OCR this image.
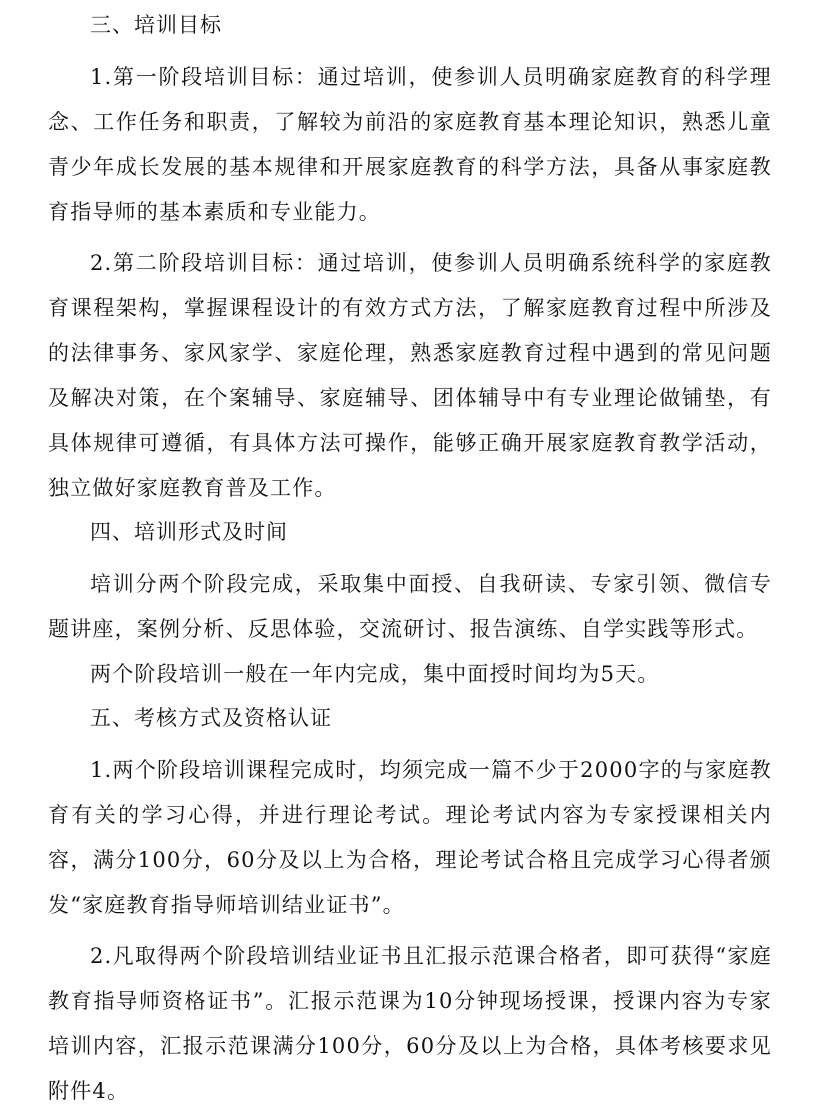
三、培训目标

1.第一阶段培训目标：通过培训，使参训人员明确家庭教育的科学理念、工作任务和职责，了解较为前沿的家庭教育基本理论知识，熟悉儿童青少年成长发展的基本规律和开展家庭教育的科学方法，具备从事家庭教育指导师的基本素质和专业能力。

2.第二阶段培训目标：通过培训，使参训人员明确系统科学的家庭教育课程架构，掌握课程设计的有效方式方法，了解家庭教育过程中所涉及的法律事务、家风家学、家庭伦理，熟悉家庭教育过程中遇到的常见问题及解决对策，在个案辅导、家庭辅导、团体辅导中有专业理论做铺垫，有具体规律可遵循，有具体方法可操作，能够正确开展家庭教育教学活动，独立做好家庭教育普及工作。

四、培训形式及时间

培训分两个阶段完成，采取集中面授、自我研读、专家引领、微信专题讲座，案例分析、反思体验，交流研讨、报告演练、自学实践等形式。

两个阶段培训一般在一年内完成，集中面授时间均为5天。

五、考核方式及资格认证

1.两个阶段培训课程完成时，均须完成一篇不少于2000字的与家庭教育有关的学习心得，并进行理论考试。理论考试内容为专家授课相关内容，满分100分，60分及以上为合格，理论考试合格且完成学习心得者颁发“家庭教育指导师培训结业证书”。

2.凡取得两个阶段培训结业证书且汇报示范课合格者，即可获得“家庭教育指导师资格证书”。汇报示范课为10分钟现场授课，授课内容为专家培训内容，汇报示范课满分100分，60分及以上为合格，具体考核要求见附件4。
